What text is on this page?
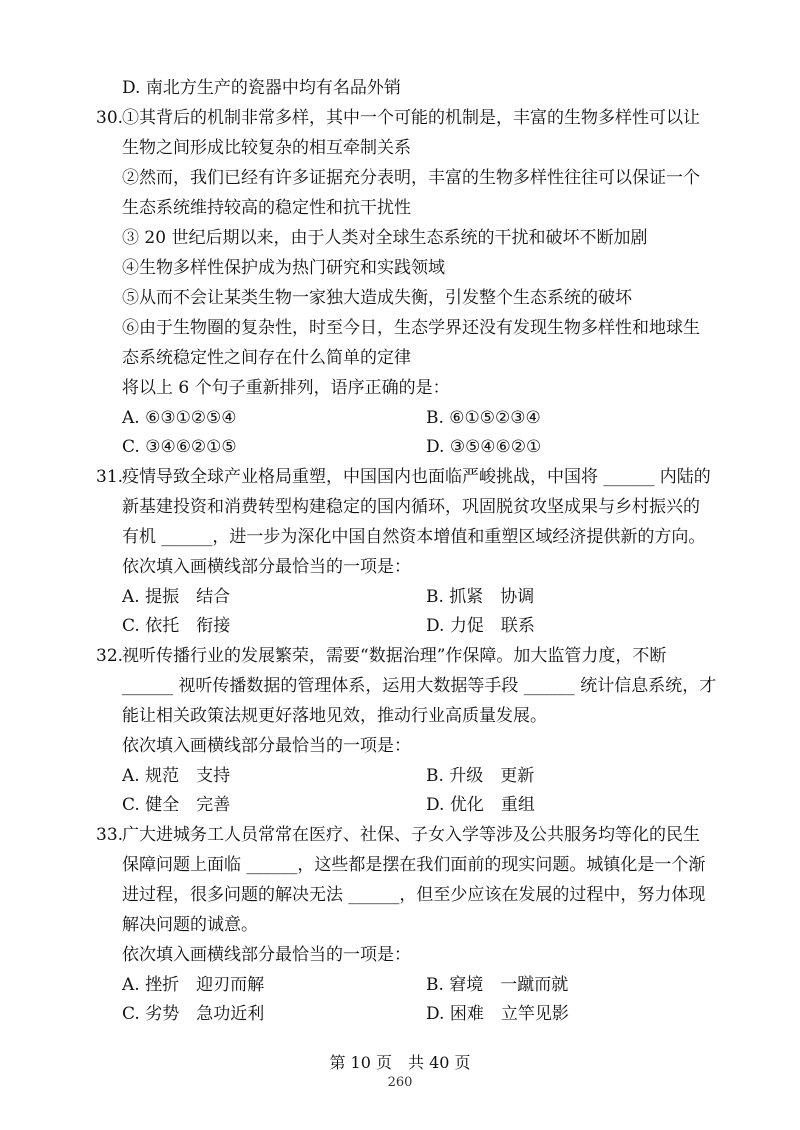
D. 南北方生产的瓷器中均有名品外销
30.
①其背后的机制非常多样，其中一个可能的机制是，丰富的生物多样性可以让
生物之间形成比较复杂的相互牵制关系
②然而，我们已经有许多证据充分表明，丰富的生物多样性往往可以保证一个
生态系统维持较高的稳定性和抗干扰性
③ 20 世纪后期以来，由于人类对全球生态系统的干扰和破坏不断加剧
④生物多样性保护成为热门研究和实践领域
⑤从而不会让某类生物一家独大造成失衡，引发整个生态系统的破坏
⑥由于生物圈的复杂性，时至今日，生态学界还没有发现生物多样性和地球生
态系统稳定性之间存在什么简单的定律
将以上 6 个句子重新排列，语序正确的是：
A. ⑥③①②⑤④	B. ⑥①⑤②③④
C. ③④⑥②①⑤	D. ③⑤④⑥②①
31.
疫情导致全球产业格局重塑，中国国内也面临严峻挑战，中国将 ______ 内陆的
新基建投资和消费转型构建稳定的国内循环，巩固脱贫攻坚成果与乡村振兴的
有机 ______，进一步为深化中国自然资本增值和重塑区域经济提供新的方向。
依次填入画横线部分最恰当的一项是：
A. 提振　结合	B. 抓紧　协调
C. 依托　衔接	D. 力促　联系
32.
视听传播行业的发展繁荣，需要“数据治理”作保障。加大监管力度，不断
______ 视听传播数据的管理体系，运用大数据等手段 ______ 统计信息系统，才
能让相关政策法规更好落地见效，推动行业高质量发展。
依次填入画横线部分最恰当的一项是：
A. 规范　支持	B. 升级　更新
C. 健全　完善	D. 优化　重组
33.
广大进城务工人员常常在医疗、社保、子女入学等涉及公共服务均等化的民生
保障问题上面临 ______，这些都是摆在我们面前的现实问题。城镇化是一个渐
进过程，很多问题的解决无法 ______，但至少应该在发展的过程中，努力体现
解决问题的诚意。
依次填入画横线部分最恰当的一项是：
A. 挫折　迎刃而解	B. 窘境　一蹴而就
C. 劣势　急功近利	D. 困难　立竿见影
第 10 页　共 40 页
260
